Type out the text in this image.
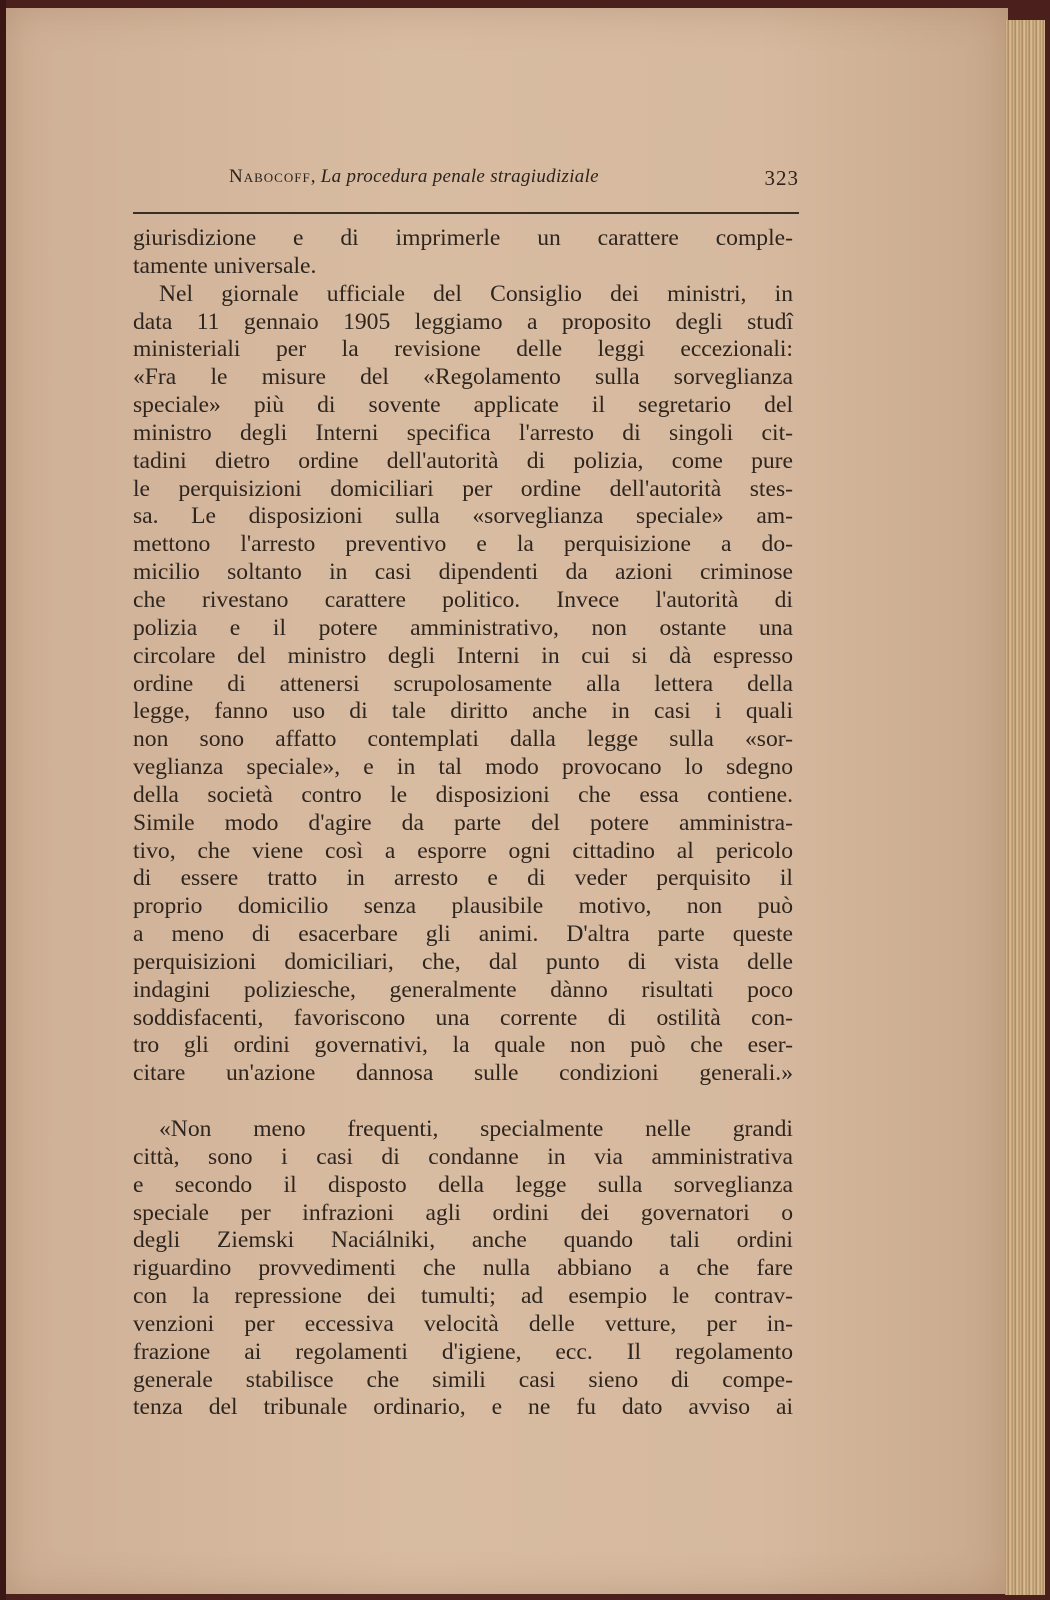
Nabocoff, La procedura penale stragiudiziale	323
giurisdizione e di imprimerle un carattere comple-
tamente universale.
Nel giornale ufficiale del Consiglio dei ministri, in
data 11 gennaio 1905 leggiamo a proposito degli studî
ministeriali per la revisione delle leggi eccezionali:
«Fra le misure del «Regolamento sulla sorveglianza
speciale» più di sovente applicate il segretario del
ministro degli Interni specifica l'arresto di singoli cit-
tadini dietro ordine dell'autorità di polizia, come pure
le perquisizioni domiciliari per ordine dell'autorità stes-
sa. Le disposizioni sulla «sorveglianza speciale» am-
mettono l'arresto preventivo e la perquisizione a do-
micilio soltanto in casi dipendenti da azioni criminose
che rivestano carattere politico. Invece l'autorità di
polizia e il potere amministrativo, non ostante una
circolare del ministro degli Interni in cui si dà espresso
ordine di attenersi scrupolosamente alla lettera della
legge, fanno uso di tale diritto anche in casi i quali
non sono affatto contemplati dalla legge sulla «sor-
veglianza speciale», e in tal modo provocano lo sdegno
della società contro le disposizioni che essa contiene.
Simile modo d'agire da parte del potere amministra-
tivo, che viene così a esporre ogni cittadino al pericolo
di essere tratto in arresto e di veder perquisito il
proprio domicilio senza plausibile motivo, non può
a meno di esacerbare gli animi. D'altra parte queste
perquisizioni domiciliari, che, dal punto di vista delle
indagini poliziesche, generalmente dànno risultati poco
soddisfacenti, favoriscono una corrente di ostilità con-
tro gli ordini governativi, la quale non può che eser-
citare un'azione dannosa sulle condizioni generali.»
«Non meno frequenti, specialmente nelle grandi
città, sono i casi di condanne in via amministrativa
e secondo il disposto della legge sulla sorveglianza
speciale per infrazioni agli ordini dei governatori o
degli Ziemski Naciálniki, anche quando tali ordini
riguardino provvedimenti che nulla abbiano a che fare
con la repressione dei tumulti; ad esempio le contrav-
venzioni per eccessiva velocità delle vetture, per in-
frazione ai regolamenti d'igiene, ecc. Il regolamento
generale stabilisce che simili casi sieno di compe-
tenza del tribunale ordinario, e ne fu dato avviso ai
